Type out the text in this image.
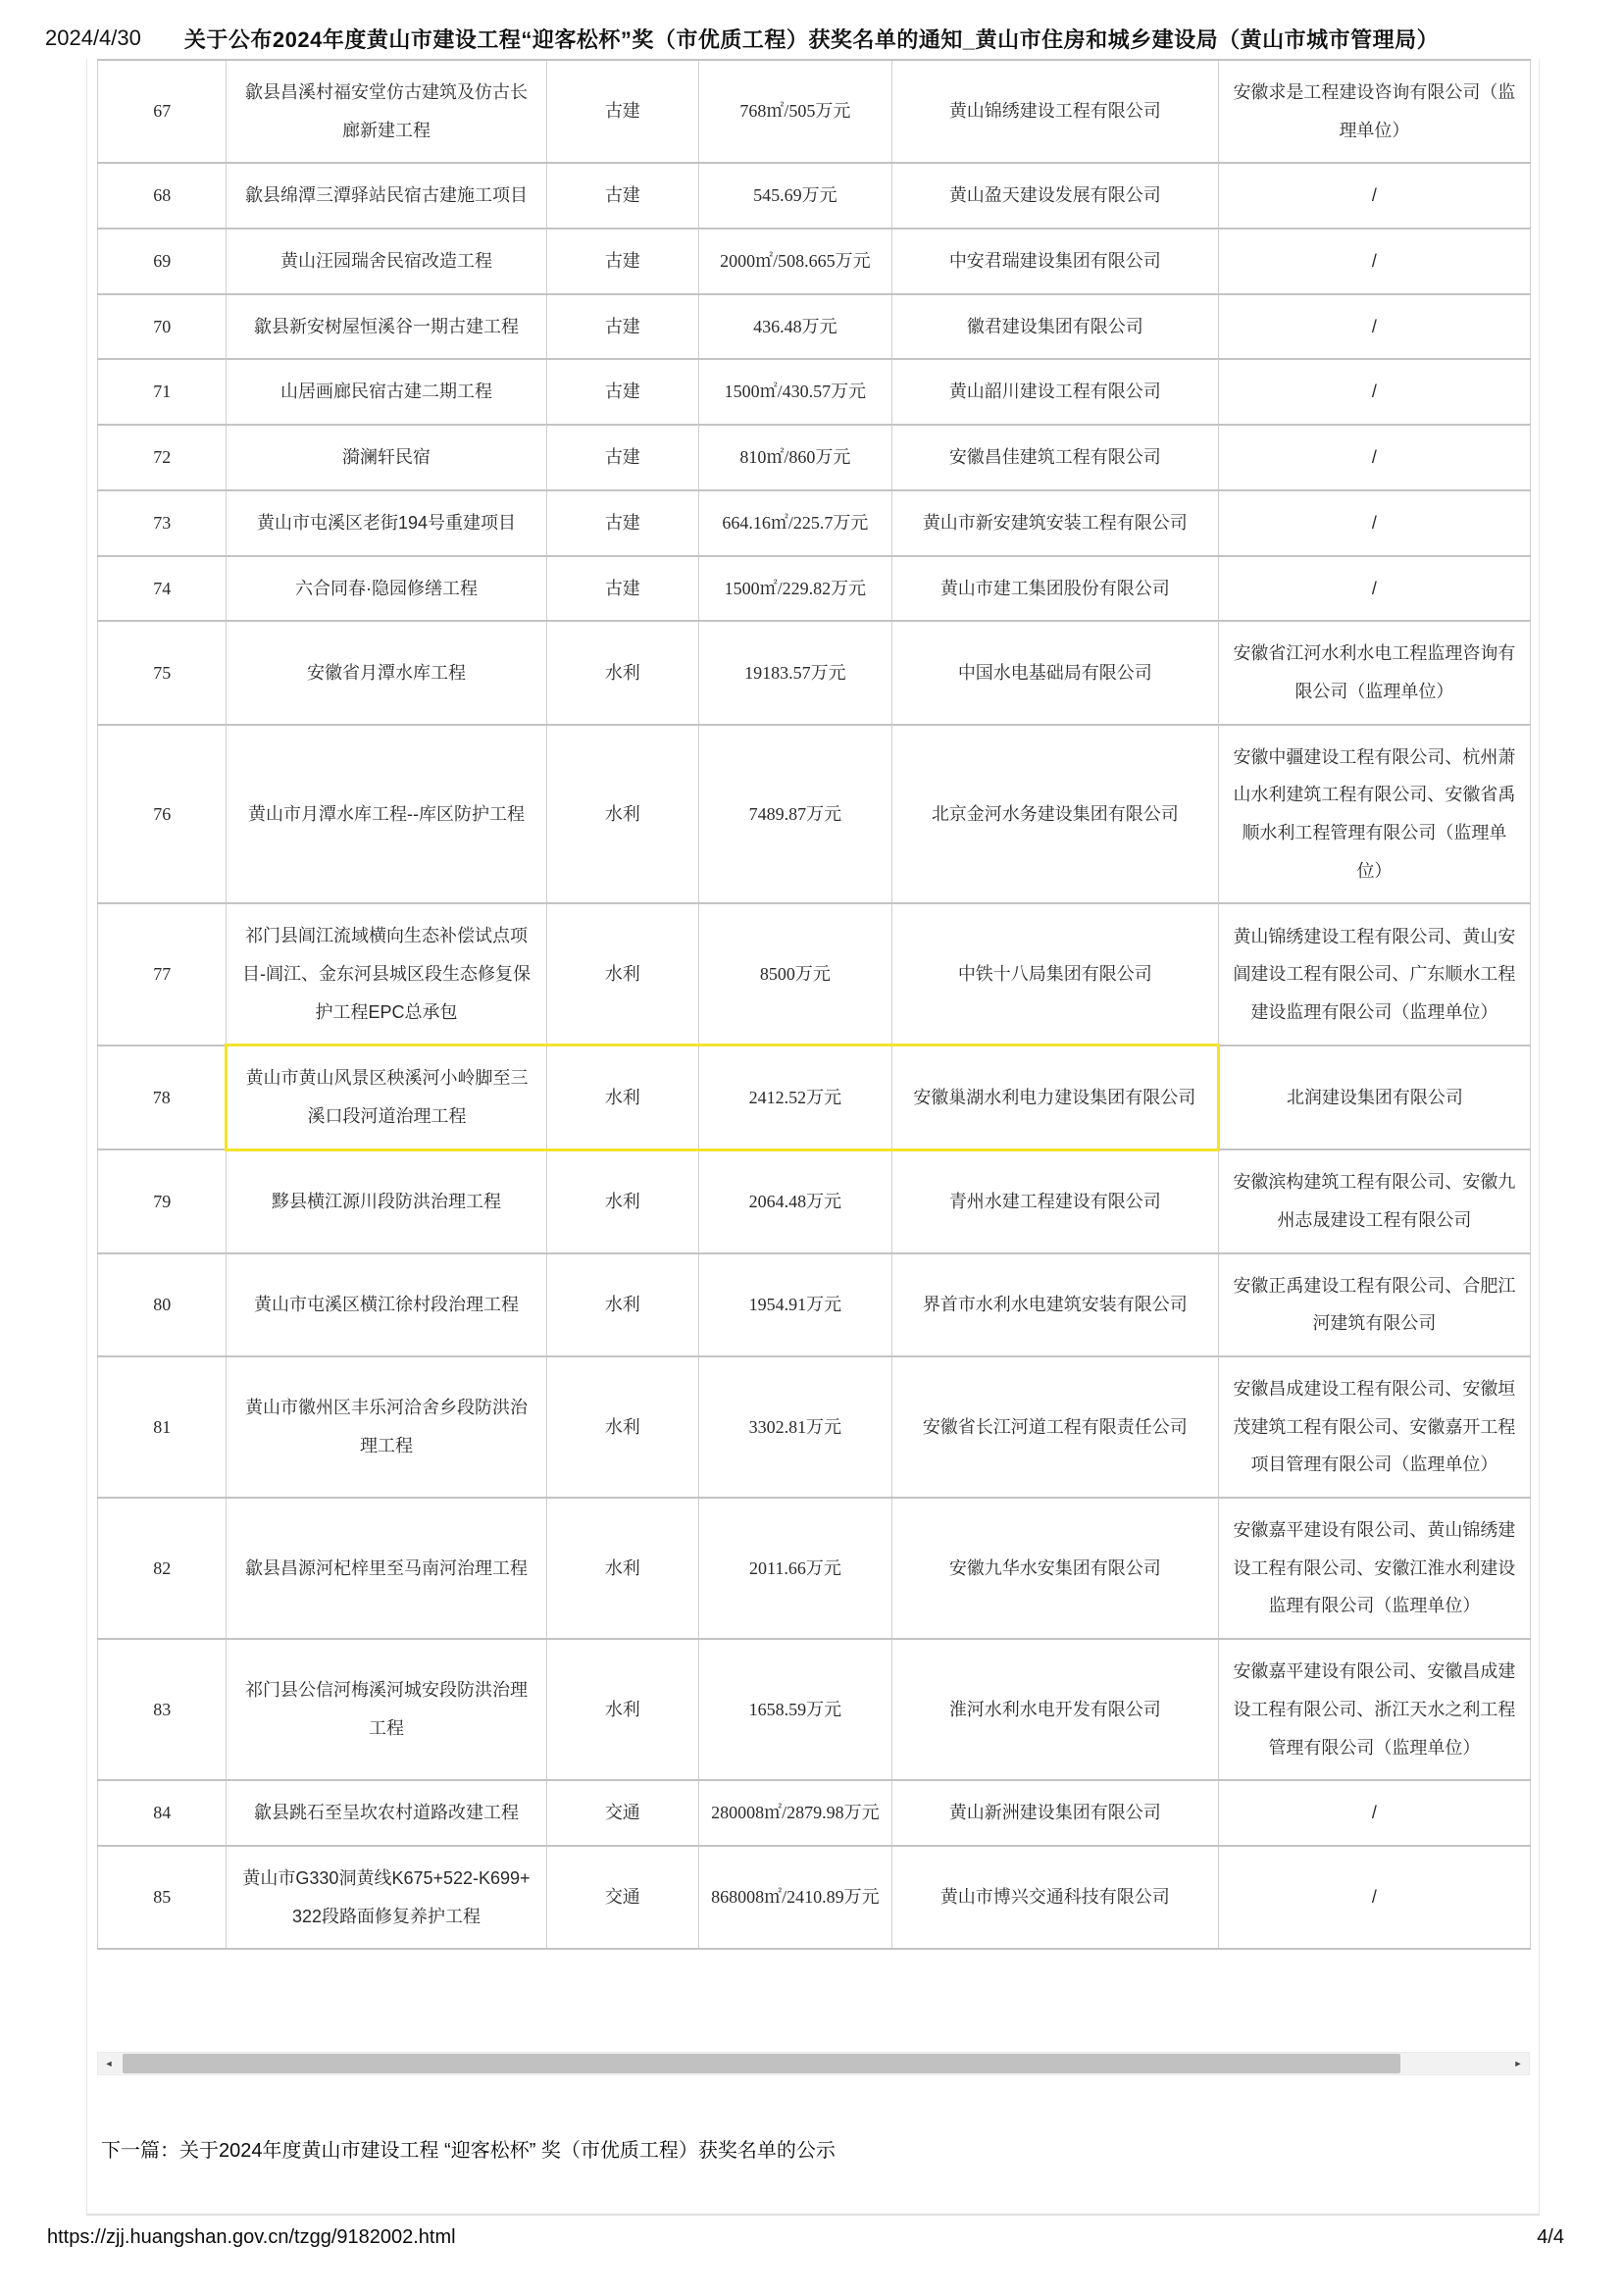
2024/4/30	关于公布2024年度黄山市建设工程“迎客松杯”奖（市优质工程）获奖名单的通知_黄山市住房和城乡建设局（黄山市城市管理局）
67	歙县昌溪村福安堂仿古建筑及仿古长廊新建工程	古建	768㎡/505万元	黄山锦绣建设工程有限公司	安徽求是工程建设咨询有限公司（监理单位）
68	歙县绵潭三潭驿站民宿古建施工项目	古建	545.69万元	黄山盈天建设发展有限公司	/
69	黄山汪园瑞舍民宿改造工程	古建	2000㎡/508.665万元	中安君瑞建设集团有限公司	/
70	歙县新安树屋恒溪谷一期古建工程	古建	436.48万元	徽君建设集团有限公司	/
71	山居画廊民宿古建二期工程	古建	1500㎡/430.57万元	黄山韶川建设工程有限公司	/
72	漪澜轩民宿	古建	810㎡/860万元	安徽昌佳建筑工程有限公司	/
73	黄山市屯溪区老街194号重建项目	古建	664.16㎡/225.7万元	黄山市新安建筑安装工程有限公司	/
74	六合同春·隐园修缮工程	古建	1500㎡/229.82万元	黄山市建工集团股份有限公司	/
75	安徽省月潭水库工程	水利	19183.57万元	中国水电基础局有限公司	安徽省江河水利水电工程监理咨询有限公司（监理单位）
76	黄山市月潭水库工程--库区防护工程	水利	7489.87万元	北京金河水务建设集团有限公司	安徽中疆建设工程有限公司、杭州萧山水利建筑工程有限公司、安徽省禹顺水利工程管理有限公司（监理单位）
77	祁门县阊江流域横向生态补偿试点项目-阊江、金东河县城区段生态修复保护工程EPC总承包	水利	8500万元	中铁十八局集团有限公司	黄山锦绣建设工程有限公司、黄山安阊建设工程有限公司、广东顺水工程建设监理有限公司（监理单位）
78	黄山市黄山风景区秧溪河小岭脚至三溪口段河道治理工程	水利	2412.52万元	安徽巢湖水利电力建设集团有限公司	北润建设集团有限公司
79	黟县横江源川段防洪治理工程	水利	2064.48万元	青州水建工程建设有限公司	安徽滨构建筑工程有限公司、安徽九州志晟建设工程有限公司
80	黄山市屯溪区横江徐村段治理工程	水利	1954.91万元	界首市水利水电建筑安装有限公司	安徽正禹建设工程有限公司、合肥江河建筑有限公司
81	黄山市徽州区丰乐河洽舍乡段防洪治理工程	水利	3302.81万元	安徽省长江河道工程有限责任公司	安徽昌成建设工程有限公司、安徽垣茂建筑工程有限公司、安徽嘉开工程项目管理有限公司（监理单位）
82	歙县昌源河杞梓里至马南河治理工程	水利	2011.66万元	安徽九华水安集团有限公司	安徽嘉平建设有限公司、黄山锦绣建设工程有限公司、安徽江淮水利建设监理有限公司（监理单位）
83	祁门县公信河梅溪河城安段防洪治理工程	水利	1658.59万元	淮河水利水电开发有限公司	安徽嘉平建设有限公司、安徽昌成建设工程有限公司、浙江天水之利工程管理有限公司（监理单位）
84	歙县跳石至呈坎农村道路改建工程	交通	280008㎡/2879.98万元	黄山新洲建设集团有限公司	/
85	黄山市G330洞黄线K675+522-K699+322段路面修复养护工程	交通	868008㎡/2410.89万元	黄山市博兴交通科技有限公司	/
◄	►
下一篇：关于2024年度黄山市建设工程 “迎客松杯” 奖（市优质工程）获奖名单的公示
https://zjj.huangshan.gov.cn/tzgg/9182002.html	4/4
